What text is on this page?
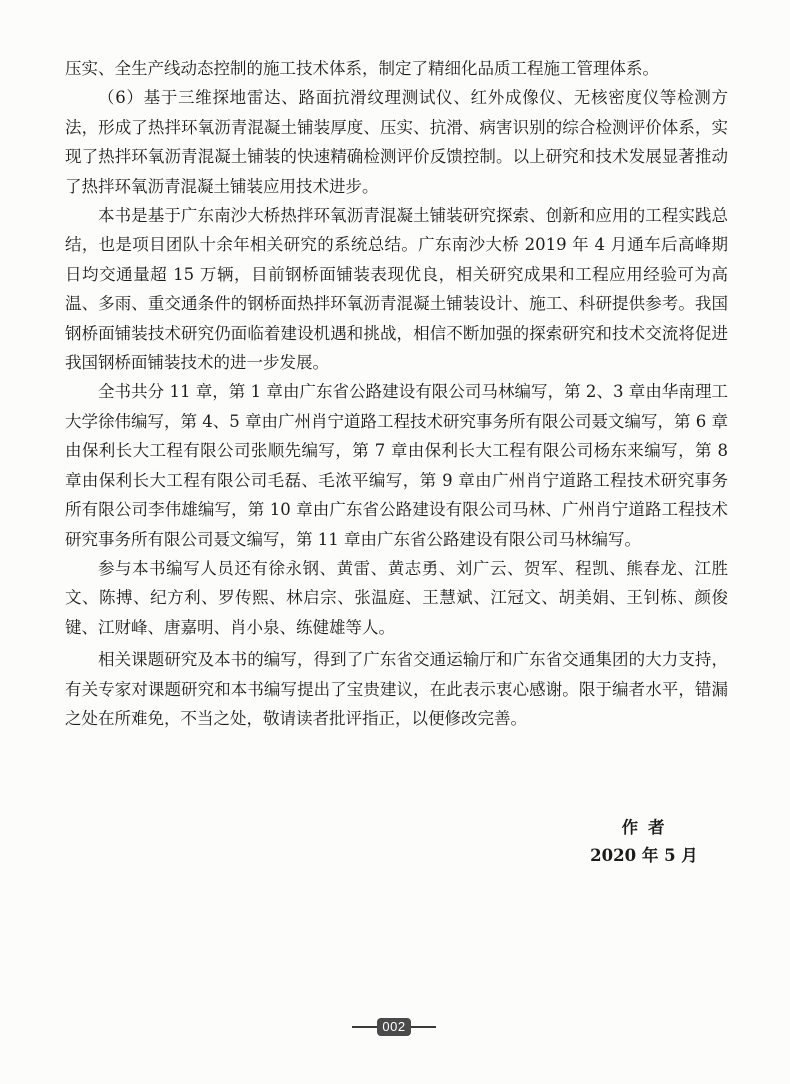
压实、全生产线动态控制的施工技术体系，制定了精细化品质工程施工管理体系。

（6）基于三维探地雷达、路面抗滑纹理测试仪、红外成像仪、无核密度仪等检测方法，形成了热拌环氧沥青混凝土铺装厚度、压实、抗滑、病害识别的综合检测评价体系，实现了热拌环氧沥青混凝土铺装的快速精确检测评价反馈控制。以上研究和技术发展显著推动了热拌环氧沥青混凝土铺装应用技术进步。

本书是基于广东南沙大桥热拌环氧沥青混凝土铺装研究探索、创新和应用的工程实践总结，也是项目团队十余年相关研究的系统总结。广东南沙大桥 2019 年 4 月通车后高峰期日均交通量超 15 万辆，目前钢桥面铺装表现优良，相关研究成果和工程应用经验可为高温、多雨、重交通条件的钢桥面热拌环氧沥青混凝土铺装设计、施工、科研提供参考。我国钢桥面铺装技术研究仍面临着建设机遇和挑战，相信不断加强的探索研究和技术交流将促进我国钢桥面铺装技术的进一步发展。

全书共分 11 章，第 1 章由广东省公路建设有限公司马林编写，第 2、3 章由华南理工大学徐伟编写，第 4、5 章由广州肖宁道路工程技术研究事务所有限公司聂文编写，第 6 章由保利长大工程有限公司张顺先编写，第 7 章由保利长大工程有限公司杨东来编写，第 8 章由保利长大工程有限公司毛磊、毛浓平编写，第 9 章由广州肖宁道路工程技术研究事务所有限公司李伟雄编写，第 10 章由广东省公路建设有限公司马林、广州肖宁道路工程技术研究事务所有限公司聂文编写，第 11 章由广东省公路建设有限公司马林编写。

参与本书编写人员还有徐永钢、黄雷、黄志勇、刘广云、贺军、程凯、熊春龙、江胜文、陈搏、纪方利、罗传熙、林启宗、张温庭、王慧斌、江冠文、胡美娟、王钊栋、颜俊键、江财峰、唐嘉明、肖小泉、练健雄等人。

相关课题研究及本书的编写，得到了广东省交通运输厅和广东省交通集团的大力支持，有关专家对课题研究和本书编写提出了宝贵建议，在此表示衷心感谢。限于编者水平，错漏之处在所难免，不当之处，敬请读者批评指正，以便修改完善。

作者
2020 年 5 月
002
